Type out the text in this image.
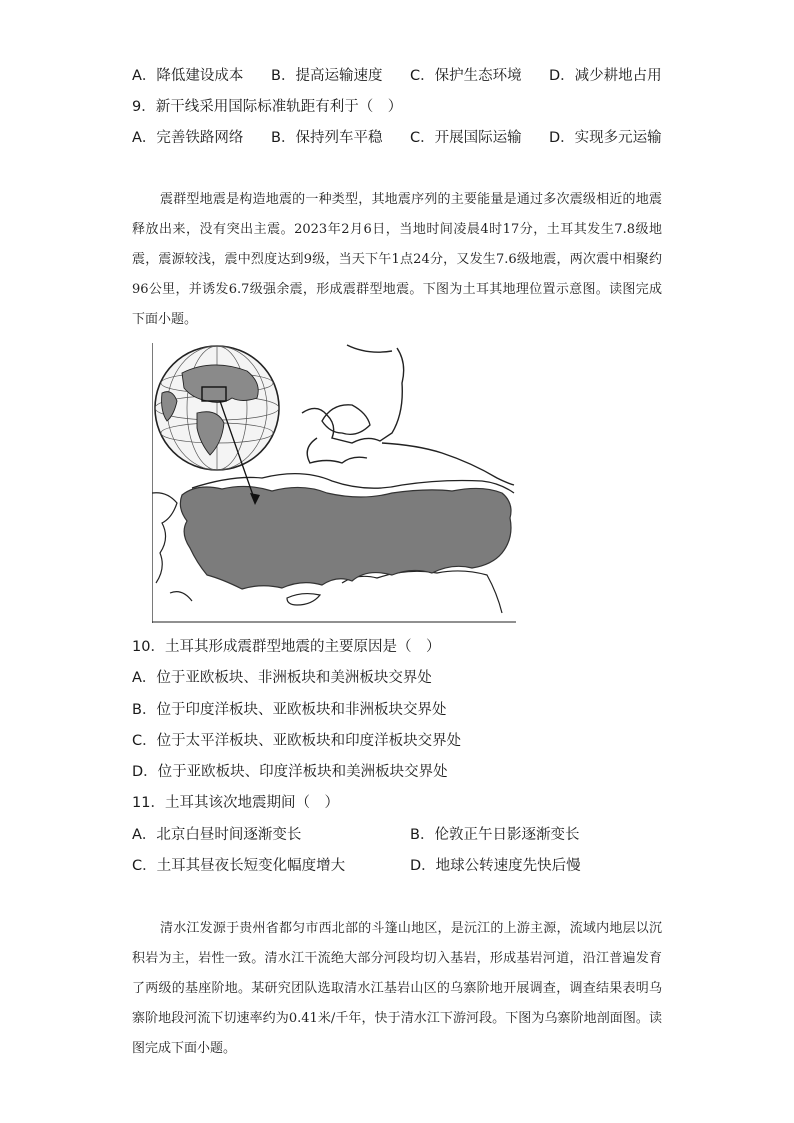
A．降低建设成本 B．提高运输速度 C．保护生态环境 D．减少耕地占用
9．新干线采用国际标准轨距有利于（　）
A．完善铁路网络 B．保持列车平稳 C．开展国际运输 D．实现多元运输
震群型地震是构造地震的一种类型，其地震序列的主要能量是通过多次震级相近的地震释放出来，没有突出主震。2023年2月6日，当地时间凌晨4时17分，土耳其发生7.8级地震，震源较浅，震中烈度达到9级，当天下午1点24分，又发生7.6级地震，两次震中相聚约96公里，并诱发6.7级强余震，形成震群型地震。下图为土耳其地理位置示意图。读图完成下面小题。
10．土耳其形成震群型地震的主要原因是（　）
A．位于亚欧板块、非洲板块和美洲板块交界处
B．位于印度洋板块、亚欧板块和非洲板块交界处
C．位于太平洋板块、亚欧板块和印度洋板块交界处
D．位于亚欧板块、印度洋板块和美洲板块交界处
11．土耳其该次地震期间（　）
A．北京白昼时间逐渐变长	B．伦敦正午日影逐渐变长
C．土耳其昼夜长短变化幅度增大	D．地球公转速度先快后慢
清水江发源于贵州省都匀市西北部的斗篷山地区，是沅江的上游主源，流域内地层以沉积岩为主，岩性一致。清水江干流绝大部分河段均切入基岩，形成基岩河道，沿江普遍发育了两级的基座阶地。某研究团队选取清水江基岩山区的乌寨阶地开展调查，调查结果表明乌寨阶地段河流下切速率约为0.41米/千年，快于清水江下游河段。下图为乌寨阶地剖面图。读图完成下面小题。
